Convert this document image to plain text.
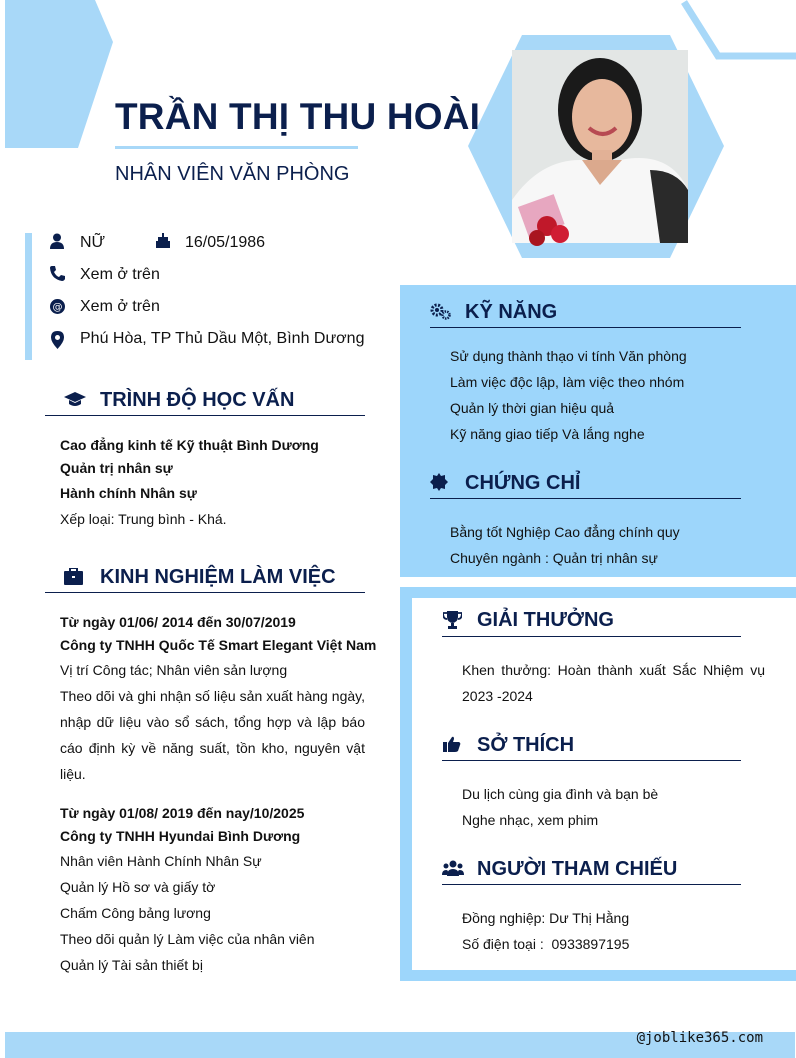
TRẦN THỊ THU HOÀI
NHÂN VIÊN VĂN PHÒNG
NỮ	16/05/1986
Xem ở trên
@ Xem ở trên
Phú Hòa, TP Thủ Dầu Một, Bình Dương
TRÌNH ĐỘ HỌC VẤN
Cao đẳng kinh tế Kỹ thuật Bình Dương
Quản trị nhân sự
Hành chính Nhân sự
Xếp loại: Trung bình - Khá.
KINH NGHIỆM LÀM VIỆC
Từ ngày 01/06/ 2014 đến 30/07/2019
Công ty TNHH Quốc Tế Smart Elegant Việt Nam
Vị trí Công tác; Nhân viên sản lượng
Theo dõi và ghi nhận số liệu sản xuất hàng ngày,
nhập dữ liệu vào sổ sách, tổng hợp và lập báo
cáo định kỳ về năng suất, tồn kho, nguyên vật
liệu.
Từ ngày 01/08/ 2019 đến nay/10/2025
Công ty TNHH Hyundai Bình Dương
Nhân viên Hành Chính Nhân Sự
Quản lý Hồ sơ và giấy tờ
Chấm Công bảng lương
Theo dõi quản lý Làm việc của nhân viên
Quản lý Tài sản thiết bị
KỸ NĂNG
Sử dụng thành thạo vi tính Văn phòng
Làm việc độc lập, làm việc theo nhóm
Quản lý thời gian hiệu quả
Kỹ năng giao tiếp Và lắng nghe
CHỨNG CHỈ
Bằng tốt Nghiệp Cao đẳng chính quy
Chuyên ngành : Quản trị nhân sự
GIẢI THƯỞNG
Khen thưởng: Hoàn thành xuất Sắc Nhiệm vụ
2023 -2024
SỞ THÍCH
Du lịch cùng gia đình và bạn bè
Nghe nhạc, xem phim
NGƯỜI THAM CHIẾU
Đồng nghiệp: Dư Thị Hằng
Số điện toại :  0933897195
@joblike365.com
